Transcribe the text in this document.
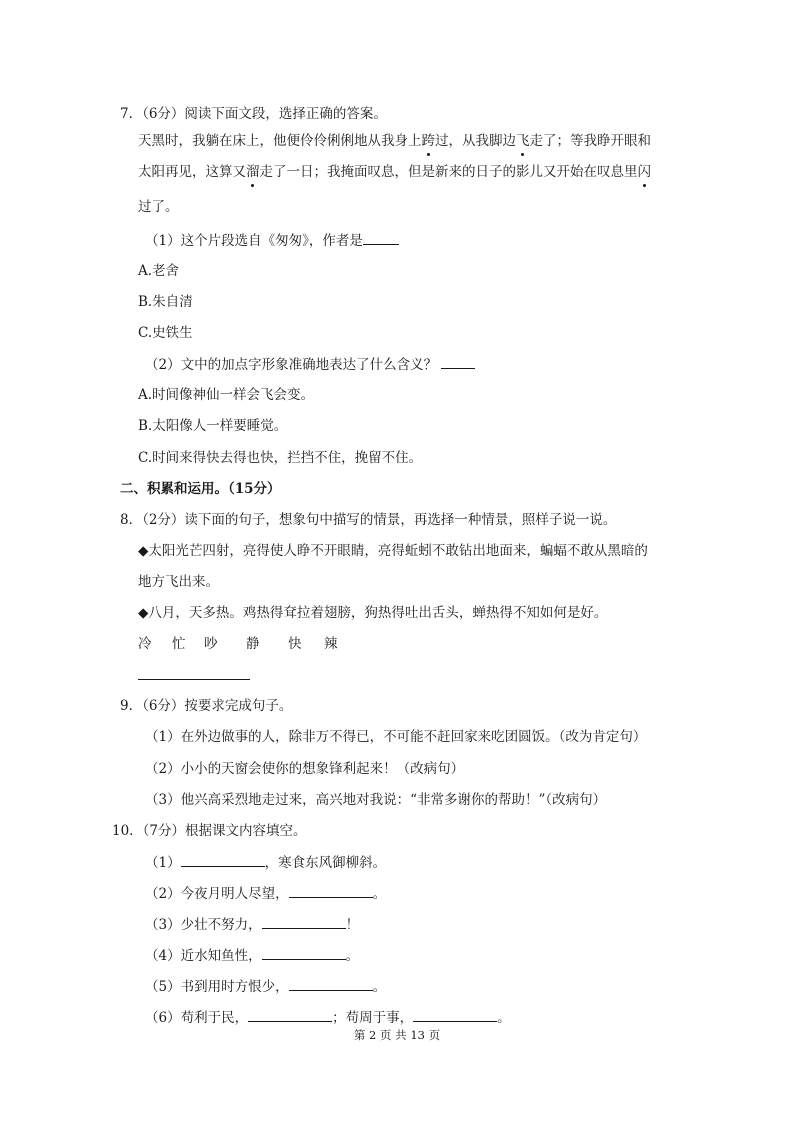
7．（6分）阅读下面文段，选择正确的答案。
天黑时，我躺在床上，他便伶伶俐俐地从我身上跨过，从我脚边飞走了；等我睁开眼和
太阳再见，这算又溜走了一日；我掩面叹息，但是新来的日子的影儿又开始在叹息里闪
过了。
（1）这个片段选自《匆匆》，作者是
A.老舍
B.朱自清
C.史铁生
（2）文中的加点字形象准确地表达了什么含义？
A.时间像神仙一样会飞会变。
B.太阳像人一样要睡觉。
C.时间来得快去得也快，拦挡不住，挽留不住。
二、积累和运用。（15分）
8．（2分）读下面的句子，想象句中描写的情景，再选择一种情景，照样子说一说。
◆太阳光芒四射，亮得使人睁不开眼睛，亮得蚯蚓不敢钻出地面来，蝙蝠不敢从黑暗的
地方飞出来。
◆八月，天多热。鸡热得耷拉着翅膀，狗热得吐出舌头，蝉热得不知如何是好。
冷 忙 吵 静 快 辣
9．（6分）按要求完成句子。
（1）在外边做事的人，除非万不得已，不可能不赶回家来吃团圆饭。（改为肯定句）
（2）小小的天窗会使你的想象锋利起来！（改病句）
（3）他兴高采烈地走过来，高兴地对我说：“非常多谢你的帮助！”（改病句）
10．（7分）根据课文内容填空。
（1）	，寒食东风御柳斜。
（2）今夜月明人尽望，	。
（3）少壮不努力，	！
（4）近水知鱼性，	。
（5）书到用时方恨少，	。
（6）苟利于民，	；苟周于事，	。
第 2 页 共 13 页
